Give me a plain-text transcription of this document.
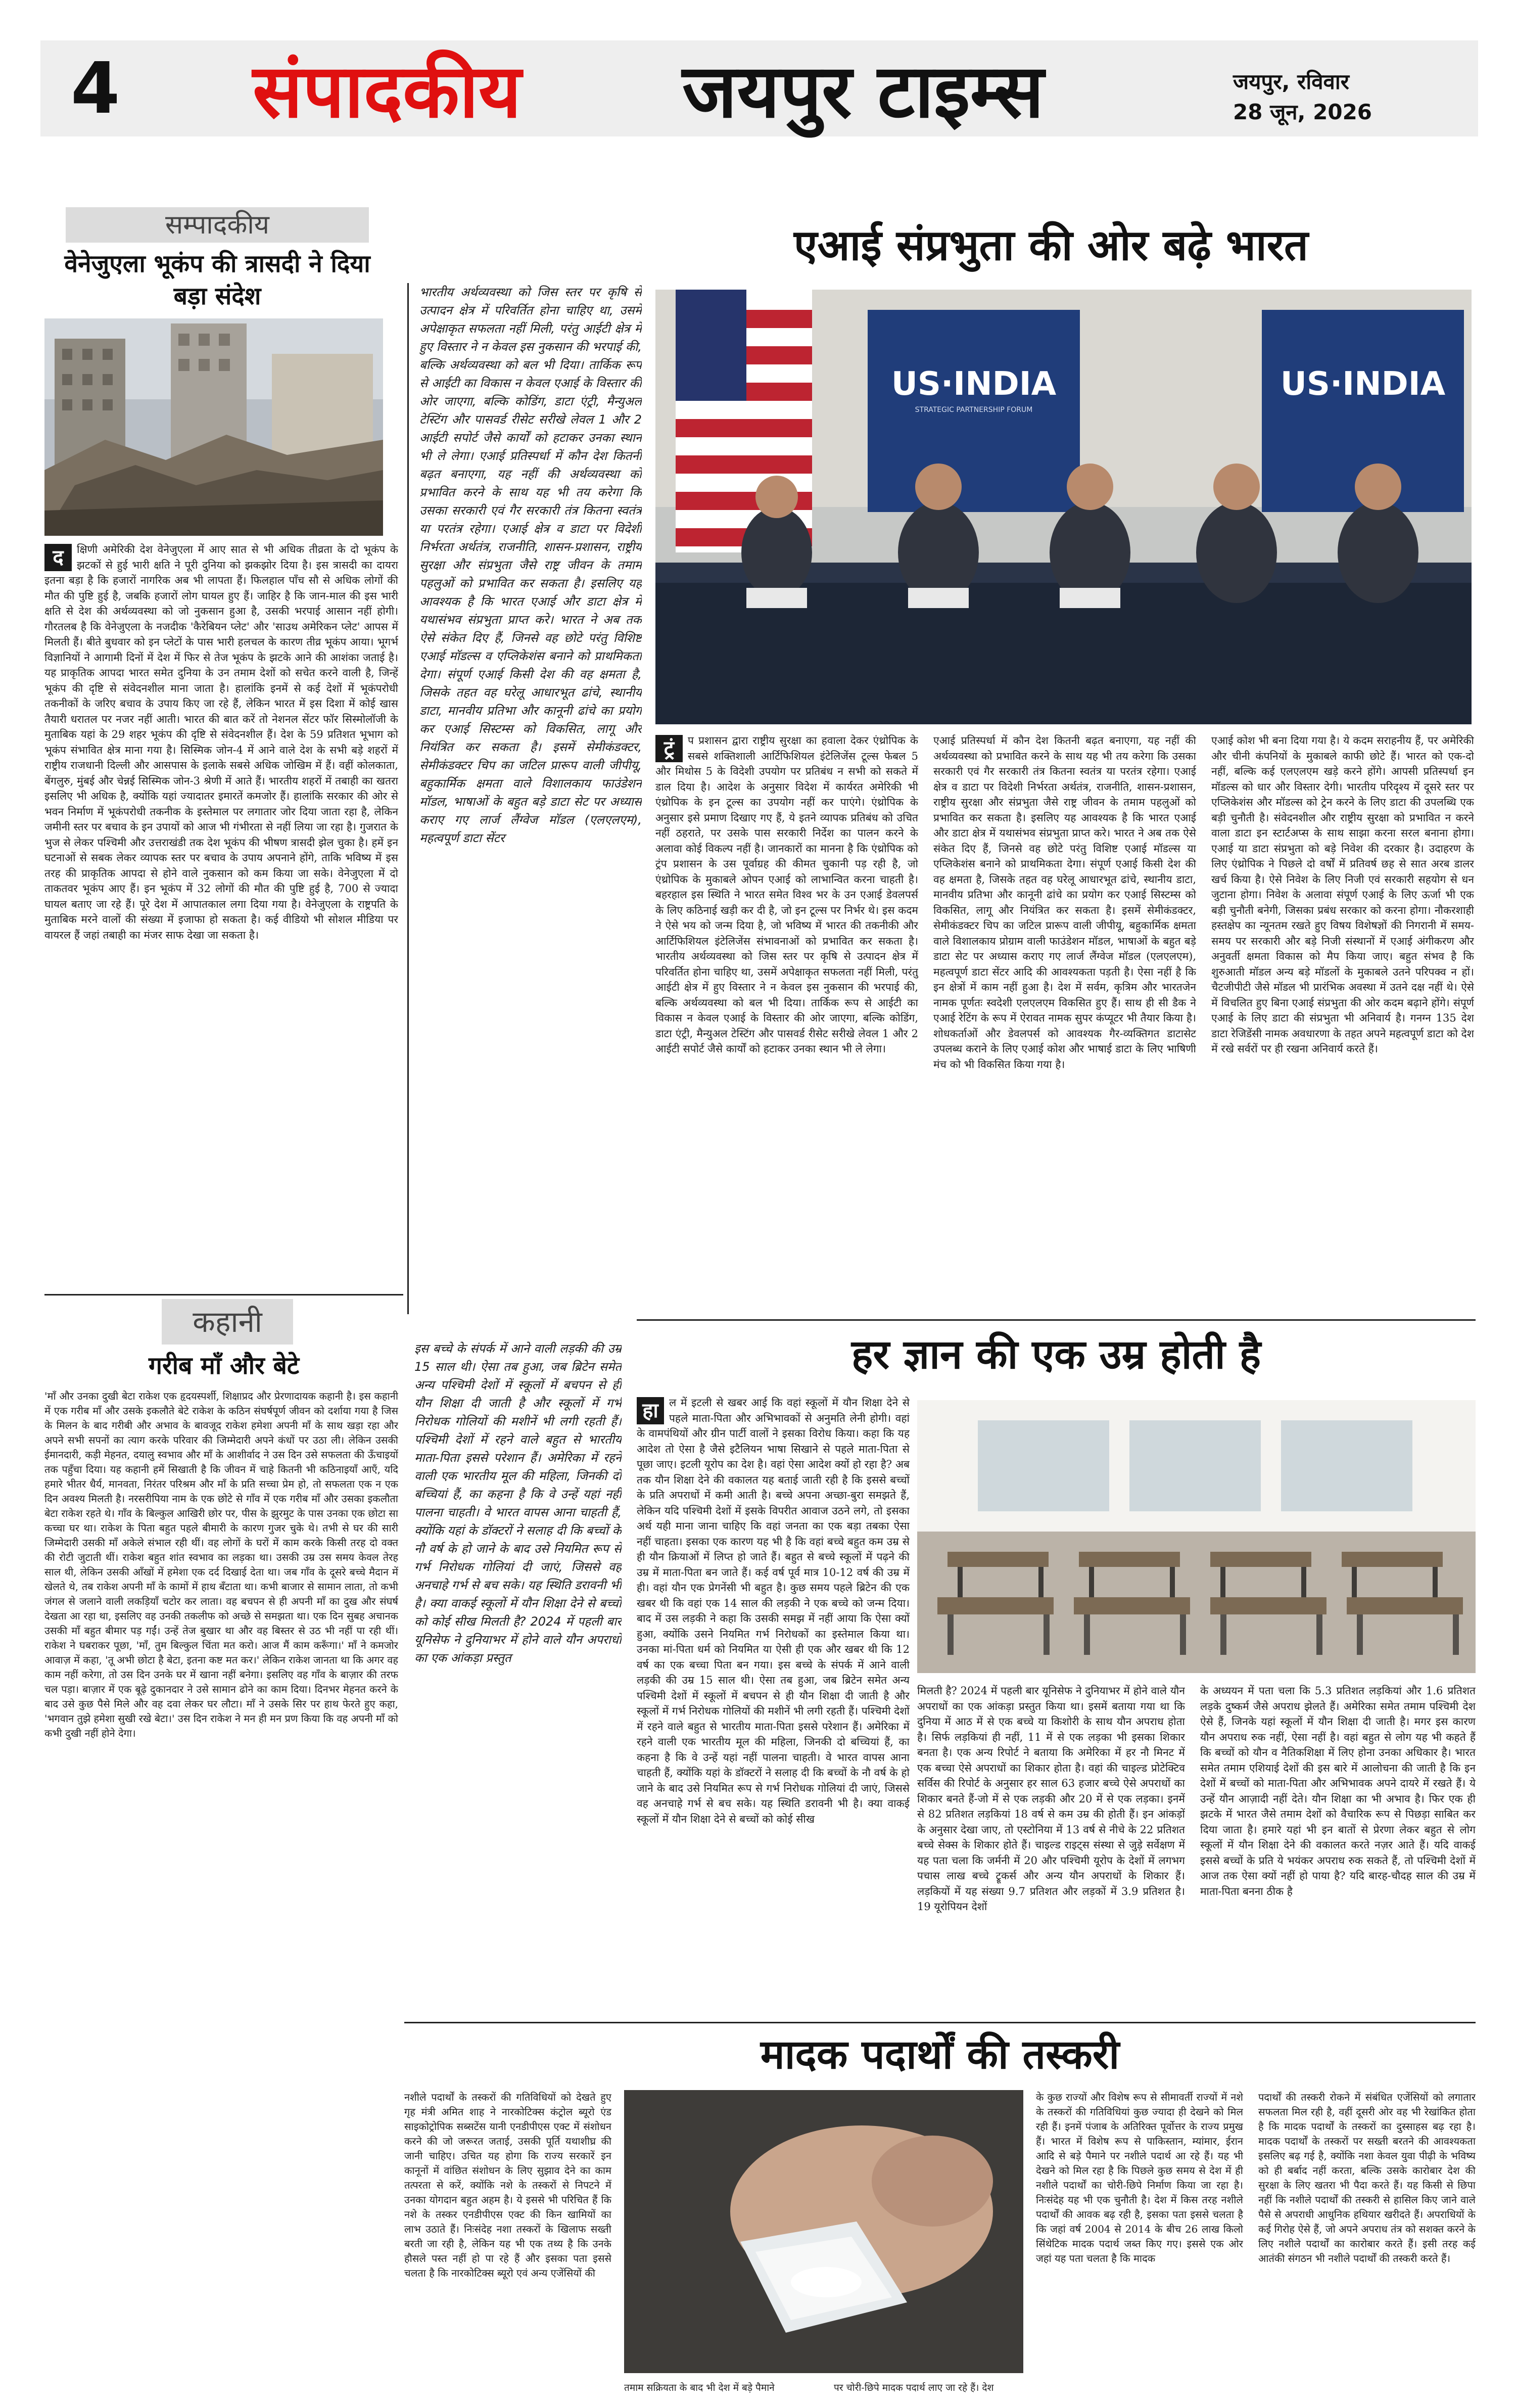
4 संपादकीय जयपुर टाइम्स	जयपुर, रविवार
28 जून, 2026
सम्पादकीय
वेनेजुएला भूकंप की त्रासदी ने दिया बड़ा संदेश
द	क्षिणी अमेरिकी देश वेनेजुएला में आए सात से भी अधिक तीव्रता के दो भूकंप के झटकों से हुई भारी क्षति ने पूरी दुनिया को झकझोर दिया है। इस त्रासदी का दायरा इतना बड़ा है कि हजारों नागरिक अब भी लापता हैं। फिलहाल पाँच सौ से अधिक लोगों की मौत की पुष्टि हुई है, जबकि हजारों लोग घायल हुए हैं। जाहिर है कि जान-माल की इस भारी क्षति से देश की अर्थव्यवस्था को जो नुकसान हुआ है, उसकी भरपाई आसान नहीं होगी। गौरतलब है कि वेनेजुएला के नजदीक 'कैरेबियन प्लेट' और 'साउथ अमेरिकन प्लेट' आपस में मिलती हैं। बीते बुधवार को इन प्लेटों के पास भारी हलचल के कारण तीव्र भूकंप आया। भूगर्भ विज्ञानियों ने आगामी दिनों में देश में फिर से तेज भूकंप के झटके आने की आशंका जताई है। यह प्राकृतिक आपदा भारत समेत दुनिया के उन तमाम देशों को सचेत करने वाली है, जिन्हें भूकंप की दृष्टि से संवेदनशील माना जाता है। हालांकि इनमें से कई देशों में भूकंपरोधी तकनीकों के जरिए बचाव के उपाय किए जा रहे हैं, लेकिन भारत में इस दिशा में कोई खास तैयारी धरातल पर नजर नहीं आती। भारत की बात करें तो नेशनल सेंटर फॉर सिस्मोलॉजी के मुताबिक यहां के 29 शहर भूकंप की दृष्टि से संवेदनशील हैं। देश के 59 प्रतिशत भूभाग को भूकंप संभावित क्षेत्र माना गया है। सिस्मिक जोन-4 में आने वाले देश के सभी बड़े शहरों में राष्ट्रीय राजधानी दिल्ली और आसपास के इलाके सबसे अधिक जोखिम में हैं। वहीं कोलकाता, बेंगलुरु, मुंबई और चेन्नई सिस्मिक जोन-3 श्रेणी में आते हैं। भारतीय शहरों में तबाही का खतरा इसलिए भी अधिक है, क्योंकि यहां ज्यादातर इमारतें कमजोर हैं। हालांकि सरकार की ओर से भवन निर्माण में भूकंपरोधी तकनीक के इस्तेमाल पर लगातार जोर दिया जाता रहा है, लेकिन जमीनी स्तर पर बचाव के इन उपायों को आज भी गंभीरता से नहीं लिया जा रहा है। गुजरात के भुज से लेकर पश्चिमी और उत्तराखंडी तक देश भूकंप की भीषण त्रासदी झेल चुका है। हमें इन घटनाओं से सबक लेकर व्यापक स्तर पर बचाव के उपाय अपनाने होंगे, ताकि भविष्य में इस तरह की प्राकृतिक आपदा से होने वाले नुकसान को कम किया जा सके। वेनेजुएला में दो ताकतवर भूकंप आए हैं। इन भूकंप में 32 लोगों की मौत की पुष्टि हुई है, 700 से ज्यादा घायल बताए जा रहे हैं। पूरे देश में आपातकाल लगा दिया गया है। वेनेजुएला के राष्ट्रपति के मुताबिक मरने वालों की संख्या में इजाफा हो सकता है। कई वीडियो भी सोशल मीडिया पर वायरल हैं जहां तबाही का मंजर साफ देखा जा सकता है।
भारतीय अर्थव्यवस्था को जिस स्तर पर कृषि से उत्पादन क्षेत्र में परिवर्तित होना चाहिए था, उसमें अपेक्षाकृत सफलता नहीं मिली, परंतु आईटी क्षेत्र में हुए विस्तार ने न केवल इस नुकसान की भरपाई की, बल्कि अर्थव्यवस्था को बल भी दिया। तार्किक रूप से आईटी का विकास न केवल एआई के विस्तार की ओर जाएगा, बल्कि कोडिंग, डाटा एंट्री, मैन्युअल टेस्टिंग और पासवर्ड रीसेट सरीखे लेवल 1 और 2 आईटी सपोर्ट जैसे कार्यों को हटाकर उनका स्थान भी ले लेगा। एआई प्रतिस्पर्धा में कौन देश कितनी बढ़त बनाएगा, यह नहीं की अर्थव्यवस्था को प्रभावित करने के साथ यह भी तय करेगा कि उसका सरकारी एवं गैर सरकारी तंत्र कितना स्वतंत्र या परतंत्र रहेगा। एआई क्षेत्र व डाटा पर विदेशी निर्भरता अर्थतंत्र, राजनीति, शासन-प्रशासन, राष्ट्रीय सुरक्षा और संप्रभुता जैसे राष्ट्र जीवन के तमाम पहलुओं को प्रभावित कर सकता है। इसलिए यह आवश्यक है कि भारत एआई और डाटा क्षेत्र में यथासंभव संप्रभुता प्राप्त करे। भारत ने अब तक ऐसे संकेत दिए हैं, जिनसे वह छोटे परंतु विशिष्ट एआई मॉडल्स व एप्लिकेशंस बनाने को प्राथमिकता देगा। संपूर्ण एआई किसी देश की वह क्षमता है, जिसके तहत वह घरेलू आधारभूत ढांचे, स्थानीय डाटा, मानवीय प्रतिभा और कानूनी ढांचे का प्रयोग कर एआई सिस्टम्स को विकसित, लागू और नियंत्रित कर सकता है। इसमें सेमीकंडक्टर, सेमीकंडक्टर चिप का जटिल प्रारूप वाली जीपीयू, बहुकार्मिक क्षमता वाले विशालकाय फाउंडेशन मॉडल, भाषाओं के बहुत बड़े डाटा सेट पर अध्यास कराए गए लार्ज लैंग्वेज मॉडल (एलएलएम), महत्वपूर्ण डाटा सेंटर
एआई संप्रभुता की ओर बढ़े भारत
US·INDIA
STRATEGIC PARTNERSHIP FORUM
US·INDIA
ट्रं	प प्रशासन द्वारा राष्ट्रीय सुरक्षा का हवाला देकर एंथ्रोपिक के सबसे शक्तिशाली आर्टिफिशियल इंटेलिजेंस टूल्स फेबल 5 और मिथोस 5 के विदेशी उपयोग पर प्रतिबंध न सभी को सकते में डाल दिया है। आदेश के अनुसार विदेश में कार्यरत अमेरिकी भी एंथ्रोपिक के इन टूल्स का उपयोग नहीं कर पाएंगे। एंथ्रोपिक के अनुसार इसे प्रमाण दिखाए गए हैं, ये इतने व्यापक प्रतिबंध को उचित नहीं ठहराते, पर उसके पास सरकारी निर्देश का पालन करने के अलावा कोई विकल्प नहीं है। जानकारों का मानना है कि एंथ्रोपिक को ट्रंप प्रशासन के उस पूर्वाग्रह की कीमत चुकानी पड़ रही है, जो एंथ्रोपिक के मुकाबले ओपन एआई को लाभान्वित करना चाहती है। बहरहाल इस स्थिति ने भारत समेत विश्व भर के उन एआई डेवलपर्स के लिए कठिनाई खड़ी कर दी है, जो इन टूल्स पर निर्भर थे। इस कदम ने ऐसे भय को जन्म दिया है, जो भविष्य में भारत की तकनीकी और आर्टिफिशियल इंटेलिजेंस संभावनाओं को प्रभावित कर सकता है। भारतीय अर्थव्यवस्था को जिस स्तर पर कृषि से उत्पादन क्षेत्र में परिवर्तित होना चाहिए था, उसमें अपेक्षाकृत सफलता नहीं मिली, परंतु आईटी क्षेत्र में हुए विस्तार ने न केवल इस नुकसान की भरपाई की, बल्कि अर्थव्यवस्था को बल भी दिया। तार्किक रूप से आईटी का विकास न केवल एआई के विस्तार की ओर जाएगा, बल्कि कोडिंग, डाटा एंट्री, मैन्युअल टेस्टिंग और पासवर्ड रीसेट सरीखे लेवल 1 और 2 आईटी सपोर्ट जैसे कार्यों को हटाकर उनका स्थान भी ले लेगा।
एआई प्रतिस्पर्धा में कौन देश कितनी बढ़त बनाएगा, यह नहीं की अर्थव्यवस्था को प्रभावित करने के साथ यह भी तय करेगा कि उसका सरकारी एवं गैर सरकारी तंत्र कितना स्वतंत्र या परतंत्र रहेगा। एआई क्षेत्र व डाटा पर विदेशी निर्भरता अर्थतंत्र, राजनीति, शासन-प्रशासन, राष्ट्रीय सुरक्षा और संप्रभुता जैसे राष्ट्र जीवन के तमाम पहलुओं को प्रभावित कर सकता है। इसलिए यह आवश्यक है कि भारत एआई और डाटा क्षेत्र में यथासंभव संप्रभुता प्राप्त करे। भारत ने अब तक ऐसे संकेत दिए हैं, जिनसे वह छोटे परंतु विशिष्ट एआई मॉडल्स या एप्लिकेशंस बनाने को प्राथमिकता देगा। संपूर्ण एआई किसी देश की वह क्षमता है, जिसके तहत वह घरेलू आधारभूत ढांचे, स्थानीय डाटा, मानवीय प्रतिभा और कानूनी ढांचे का प्रयोग कर एआई सिस्टम्स को विकसित, लागू और नियंत्रित कर सकता है। इसमें सेमीकंडक्टर, सेमीकंडक्टर चिप का जटिल प्रारूप वाली जीपीयू, बहुकार्मिक क्षमता वाले विशालकाय प्रोग्राम वाली फाउंडेशन मॉडल, भाषाओं के बहुत बड़े डाटा सेट पर अध्यास कराए गए लार्ज लैंग्वेज मॉडल (एलएलएम), महत्वपूर्ण डाटा सेंटर आदि की आवश्यकता पड़ती है। ऐसा नहीं है कि इन क्षेत्रों में काम नहीं हुआ है। देश में सर्वम, कृत्रिम और भारतजेन नामक पूर्णतः स्वदेशी एलएलएम विकसित हुए हैं। साथ ही सी डैक ने एआई रेटिंग के रूप में ऐरावत नामक सुपर कंप्यूटर भी तैयार किया है। शोधकर्ताओं और डेवलपर्स को आवश्यक गैर-व्यक्तिगत डाटासेट उपलब्ध कराने के लिए एआई कोश और भाषाई डाटा के लिए भाषिणी मंच को भी विकसित किया गया है।
एआई कोश भी बना दिया गया है। ये कदम सराहनीय हैं, पर अमेरिकी और चीनी कंपनियों के मुकाबले काफी छोटे हैं। भारत को एक-दो नहीं, बल्कि कई एलएलएम खड़े करने होंगे। आपसी प्रतिस्पर्धा इन मॉडल्स को धार और विस्तार देगी। भारतीय परिदृश्य में दूसरे स्तर पर एप्लिकेशंस और मॉडल्स को ट्रेन करने के लिए डाटा की उपलब्धि एक बड़ी चुनौती है। संवेदनशील और राष्ट्रीय सुरक्षा को प्रभावित न करने वाला डाटा इन स्टार्टअप्स के साथ साझा करना सरल बनाना होगा। एआई या डाटा संप्रभुता को बड़े निवेश की दरकार है। उदाहरण के लिए एंथ्रोपिक ने पिछले दो वर्षों में प्रतिवर्ष छह से सात अरब डालर खर्च किया है। ऐसे निवेश के लिए निजी एवं सरकारी सहयोग से धन जुटाना होगा। निवेश के अलावा संपूर्ण एआई के लिए ऊर्जा भी एक बड़ी चुनौती बनेगी, जिसका प्रबंध सरकार को करना होगा। नौकरशाही हस्तक्षेप का न्यूनतम रखते हुए विषय विशेषज्ञों की निगरानी में समय-समय पर सरकारी और बड़े निजी संस्थानों में एआई अंगीकरण और अनुवर्ती क्षमता विकास को मैप किया जाए। बहुत संभव है कि शुरुआती मॉडल अन्य बड़े मॉडलों के मुकाबले उतने परिपक्व न हों। चैटजीपीटी जैसे मॉडल भी प्रारंभिक अवस्था में उतने दक्ष नहीं थे। ऐसे में विचलित हुए बिना एआई संप्रभुता की ओर कदम बढ़ाने होंगे। संपूर्ण एआई के लिए डाटा की संप्रभुता भी अनिवार्य है। गनग्न 135 देश डाटा रेजिडेंसी नामक अवधारणा के तहत अपने महत्वपूर्ण डाटा को देश में रखे सर्वरों पर ही रखना अनिवार्य करते हैं।
कहानी
गरीब माँ और बेटे
'माँ और उनका दुखी बेटा राकेश एक हृदयस्पर्शी, शिक्षाप्रद और प्रेरणादायक कहानी है। इस कहानी में एक गरीब माँ और उसके इकलौते बेटे राकेश के कठिन संघर्षपूर्ण जीवन को दर्शाया गया है जिस के मिलन के बाद गरीबी और अभाव के बावजूद राकेश हमेशा अपनी माँ के साथ खड़ा रहा और अपने सभी सपनों का त्याग करके परिवार की जिम्मेदारी अपने कंधों पर उठा ली। लेकिन उसकी ईमानदारी, कड़ी मेहनत, दयालु स्वभाव और माँ के आशीर्वाद ने उस दिन उसे सफलता की ऊँचाइयों तक पहुँचा दिया। यह कहानी हमें सिखाती है कि जीवन में चाहे कितनी भी कठिनाइयाँ आएँ, यदि हमारे भीतर धैर्य, मानवता, निरंतर परिश्रम और माँ के प्रति सच्चा प्रेम हो, तो सफलता एक न एक दिन अवश्य मिलती है। नरसरीपिया नाम के एक छोटे से गाँव में एक गरीब माँ और उसका इकलौता बेटा राकेश रहते थे। गाँव के बिल्कुल आखिरी छोर पर, पीस के झुरमुट के पास उनका एक छोटा सा कच्चा घर था। राकेश के पिता बहुत पहले बीमारी के कारण गुजर चुके थे। तभी से घर की सारी जिम्मेदारी उसकी माँ अकेले संभाल रही थीं। वह लोगों के घरों में काम करके किसी तरह दो वक्त की रोटी जुटाती थीं। राकेश बहुत शांत स्वभाव का लड़का था। उसकी उम्र उस समय केवल तेरह साल थी, लेकिन उसकी आँखों में हमेशा एक दर्द दिखाई देता था। जब गाँव के दूसरे बच्चे मैदान में खेलते थे, तब राकेश अपनी माँ के कामों में हाथ बँटाता था। कभी बाजार से सामान लाता, तो कभी जंगल से जलाने वाली लकड़ियाँ चटोर कर लाता। वह बचपन से ही अपनी माँ का दुख और संघर्ष देखता आ रहा था, इसलिए वह उनकी तकलीफ को अच्छे से समझता था। एक दिन सुबह अचानक उसकी माँ बहुत बीमार पड़ गईं। उन्हें तेज बुखार था और वह बिस्तर से उठ भी नहीं पा रही थीं। राकेश ने घबराकर पूछा, 'माँ, तुम बिल्कुल चिंता मत करो। आज मैं काम करूँगा।' माँ ने कमजोर आवाज़ में कहा, 'तू अभी छोटा है बेटा, इतना कष्ट मत कर।' लेकिन राकेश जानता था कि अगर वह काम नहीं करेगा, तो उस दिन उनके घर में खाना नहीं बनेगा। इसलिए वह गाँव के बाज़ार की तरफ चल पड़ा। बाज़ार में एक बूढ़े दुकानदार ने उसे सामान ढोने का काम दिया। दिनभर मेहनत करने के बाद उसे कुछ पैसे मिले और वह दवा लेकर घर लौटा। माँ ने उसके सिर पर हाथ फेरते हुए कहा, 'भगवान तुझे हमेशा सुखी रखे बेटा।' उस दिन राकेश ने मन ही मन प्रण किया कि वह अपनी माँ को कभी दुखी नहीं होने देगा।
इस बच्चे के संपर्क में आने वाली लड़की की उम्र 15 साल थी। ऐसा तब हुआ, जब ब्रिटेन समेत अन्य पश्चिमी देशों में स्कूलों में बचपन से ही यौन शिक्षा दी जाती है और स्कूलों में गर्भ निरोधक गोलियों की मशीनें भी लगी रहती हैं। पश्चिमी देशों में रहने वाले बहुत से भारतीय माता-पिता इससे परेशान हैं। अमेरिका में रहने वाली एक भारतीय मूल की महिला, जिनकी दो बच्चियां हैं, का कहना है कि वे उन्हें यहां नहीं पालना चाहती। वे भारत वापस आना चाहती हैं, क्योंकि यहां के डॉक्टरों ने सलाह दी कि बच्चों के नौ वर्ष के हो जाने के बाद उसे नियमित रूप से गर्भ निरोधक गोलियां दी जाएं, जिससे वह अनचाहे गर्भ से बच सके। यह स्थिति डरावनी भी है। क्या वाकई स्कूलों में यौन शिक्षा देने से बच्चों को कोई सीख मिलती है? 2024 में पहली बार यूनिसेफ ने दुनियाभर में होने वाले यौन अपराधों का एक आंकड़ा प्रस्तुत
हर ज्ञान की एक उम्र होती है
हा	ल में इटली से खबर आई कि वहां स्कूलों में यौन शिक्षा देने से पहले माता-पिता और अभिभावकों से अनुमति लेनी होगी। वहां के वामपंथियों और ग्रीन पार्टी वालों ने इसका विरोध किया। कहा कि यह आदेश तो ऐसा है जैसे इटैलियन भाषा सिखाने से पहले माता-पिता से पूछा जाए। इटली यूरोप का देश है। वहां ऐसा आदेश क्यों हो रहा है? अब तक यौन शिक्षा देने की वकालत यह बताई जाती रही है कि इससे बच्चों के प्रति अपराधों में कमी आती है। बच्चे अपना अच्छा-बुरा समझते हैं, लेकिन यदि पश्चिमी देशों में इसके विपरीत आवाज उठने लगे, तो इसका अर्थ यही माना जाना चाहिए कि वहां जनता का एक बड़ा तबका ऐसा नहीं चाहता। इसका एक कारण यह भी है कि वहां बच्चे बहुत कम उम्र से ही यौन क्रियाओं में लिप्त हो जाते हैं। बहुत से बच्चे स्कूलों में पढ़ने की उम्र में माता-पिता बन जाते हैं। कई वर्ष पूर्व मात्र 10-12 वर्ष की उम्र में ही। वहां यौन एक प्रेगनेंसी भी बहुत है। कुछ समय पहले ब्रिटेन की एक खबर थी कि वहां एक 14 साल की लड़की ने एक बच्चे को जन्म दिया। बाद में उस लड़की ने कहा कि उसकी समझ में नहीं आया कि ऐसा क्यों हुआ, क्योंकि उसने नियमित गर्भ निरोधकों का इस्तेमाल किया था। उनका मां-पिता धर्म को नियमित या ऐसी ही एक और खबर थी कि 12 वर्ष का एक बच्चा पिता बन गया। इस बच्चे के संपर्क में आने वाली लड़की की उम्र 15 साल थी। ऐसा तब हुआ, जब ब्रिटेन समेत अन्य पश्चिमी देशों में स्कूलों में बचपन से ही यौन शिक्षा दी जाती है और स्कूलों में गर्भ निरोधक गोलियों की मशीनें भी लगी रहती हैं। पश्चिमी देशों में रहने वाले बहुत से भारतीय माता-पिता इससे परेशान हैं। अमेरिका में रहने वाली एक भारतीय मूल की महिला, जिनकी दो बच्चियां हैं, का कहना है कि वे उन्हें यहां नहीं पालना चाहती। वे भारत वापस आना चाहती हैं, क्योंकि यहां के डॉक्टरों ने सलाह दी कि बच्चों के नौ वर्ष के हो जाने के बाद उसे नियमित रूप से गर्भ निरोधक गोलियां दी जाएं, जिससे वह अनचाहे गर्भ से बच सके। यह स्थिति डरावनी भी है। क्या वाकई स्कूलों में यौन शिक्षा देने से बच्चों को कोई सीख
मिलती है? 2024 में पहली बार यूनिसेफ ने दुनियाभर में होने वाले यौन अपराधों का एक आंकड़ा प्रस्तुत किया था। इसमें बताया गया था कि दुनिया में आठ में से एक बच्चे या किशोरी के साथ यौन अपराध होता है। सिर्फ लड़कियां ही नहीं, 11 में से एक लड़का भी इसका शिकार बनता है। एक अन्य रिपोर्ट ने बताया कि अमेरिका में हर नौ मिनट में एक बच्चा ऐसे अपराधों का शिकार होता है। वहां की चाइल्ड प्रोटेक्टिव सर्विस की रिपोर्ट के अनुसार हर साल 63 हजार बच्चे ऐसे अपराधों का शिकार बनते हैं-जो में से एक लड़की और 20 में से एक लड़का। इनमें से 82 प्रतिशत लड़कियां 18 वर्ष से कम उम्र की होती हैं। इन आंकड़ों के अनुसार देखा जाए, तो एस्टोनिया में 13 वर्ष से नीचे के 22 प्रतिशत बच्चे सेक्स के शिकार होते हैं। चाइल्ड राइट्स संस्था से जुड़े सर्वेक्षण में यह पता चला कि जर्मनी में 20 और पश्चिमी यूरोप के देशों में लगभग पचास लाख बच्चे ट्रूकर्स और अन्य यौन अपराधों के शिकार हैं। लड़कियों में यह संख्या 9.7 प्रतिशत और लड़कों में 3.9 प्रतिशत है। 19 यूरोपियन देशों
के अध्ययन में पता चला कि 5.3 प्रतिशत लड़कियां और 1.6 प्रतिशत लड़के दुष्कर्म जैसे अपराध झेलते हैं। अमेरिका समेत तमाम पश्चिमी देश ऐसे हैं, जिनके यहां स्कूलों में यौन शिक्षा दी जाती है। मगर इस कारण यौन अपराध रुक नहीं, ऐसा नहीं है। वहां बहुत से लोग यह भी कहते हैं कि बच्चों को यौन व नैतिकशिक्षा में लिए होना उनका अधिकार है। भारत समेत तमाम एशियाई देशों की इस बारे में आलोचना की जाती है कि इन देशों में बच्चों को माता-पिता और अभिभावक अपने दायरे में रखते हैं। ये उन्हें यौन आज़ादी नहीं देते। यौन शिक्षा का भी अभाव है। फिर एक ही झटके में भारत जैसे तमाम देशों को वैचारिक रूप से पिछड़ा साबित कर दिया जाता है। हमारे यहां भी इन बातों से प्रेरणा लेकर बहुत से लोग स्कूलों में यौन शिक्षा देने की वकालत करते नज़र आते हैं। यदि वाकई इससे बच्चों के प्रति ये भयंकर अपराध रुक सकते हैं, तो पश्चिमी देशों में आज तक ऐसा क्यों नहीं हो पाया है? यदि बारह-चौदह साल की उम्र में माता-पिता बनना ठीक है
मादक पदार्थों की तस्करी
नशीले पदार्थों के तस्करों की गतिविधियों को देखते हुए गृह मंत्री अमित शाह ने नारकोटिक्स कंट्रोल ब्यूरो एंड साइकोट्रोपिक सब्सटेंस यानी एनडीपीएस एक्ट में संशोधन करने की जो जरूरत जताई, उसकी पूर्ति यथाशीघ्र की जानी चाहिए। उचित यह होगा कि राज्य सरकारें इन कानूनों में वांछित संशोधन के लिए सुझाव देने का काम तत्परता से करें, क्योंकि नशे के तस्करों से निपटने में उनका योगदान बहुत अहम है। ये इससे भी परिचित हैं कि नशे के तस्कर एनडीपीएस एक्ट की किन खामियों का लाभ उठाते हैं। निःसंदेह नशा तस्करों के खिलाफ सख्ती बरती जा रही है, लेकिन यह भी एक तथ्य है कि उनके हौसले पस्त नहीं हो पा रहे हैं और इसका पता इससे चलता है कि नारकोटिक्स ब्यूरो एवं अन्य एजेंसियों की
तमाम सक्रियता के बाद भी देश में बड़े पैमाने	पर चोरी-छिपे मादक पदार्थ लाए जा रहे हैं। देश
के कुछ राज्यों और विशेष रूप से सीमावर्ती राज्यों में नशे के तस्करों की गतिविधियां कुछ ज्यादा ही देखने को मिल रही हैं। इनमें पंजाब के अतिरिक्त पूर्वोत्तर के राज्य प्रमुख हैं। भारत में विशेष रूप से पाकिस्तान, म्यांमार, ईरान आदि से बड़े पैमाने पर नशीले पदार्थ आ रहे हैं। यह भी देखने को मिल रहा है कि पिछले कुछ समय से देश में ही नशीले पदार्थों का चोरी-छिपे निर्माण किया जा रहा है। निःसंदेह यह भी एक चुनौती है। देश में किस तरह नशीले पदार्थों की आवक बढ़ रही है, इसका पता इससे चलता है कि जहां वर्ष 2004 से 2014 के बीच 26 लाख किलो सिंथेटिक मादक पदार्थ जब्त किए गए। इससे एक ओर जहां यह पता चलता है कि मादक
पदार्थों की तस्करी रोकने में संबंधित एजेंसियों को लगातार सफलता मिल रही है, वहीं दूसरी ओर वह भी रेखांकित होता है कि मादक पदार्थों के तस्करों का दुस्साहस बढ़ रहा है। मादक पदार्थों के तस्करों पर सख्ती बरतने की आवश्यकता इसलिए बढ़ गई है, क्योंकि नशा केवल युवा पीढ़ी के भविष्य को ही बर्बाद नहीं करता, बल्कि उसके कारोबार देश की सुरक्षा के लिए खतरा भी पैदा करते हैं। यह किसी से छिपा नहीं कि नशीले पदार्थों की तस्करी से हासिल किए जाने वाले पैसे से अपराधी आधुनिक हथियार खरीदते हैं। अपराधियों के कई गिरोह ऐसे हैं, जो अपने अपराध तंत्र को सशक्त करने के लिए नशीले पदार्थों का कारोबार करते हैं। इसी तरह कई आतंकी संगठन भी नशीले पदार्थों की तस्करी करते हैं।
